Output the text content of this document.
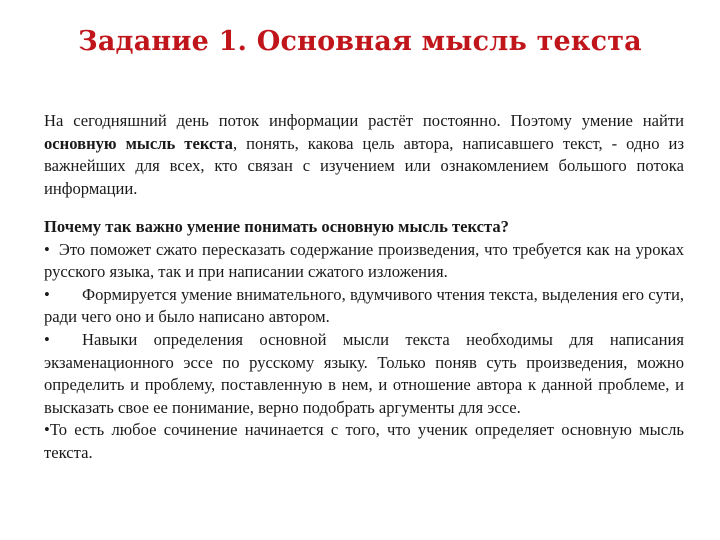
Задание 1. Основная мысль текста

На сегодняшний день поток информации растёт постоянно. Поэтому умение найти основную мысль текста, понять, какова цель автора, написавшего текст, - одно из важнейших для всех, кто связан с изучением или ознакомлением большого потока информации.

Почему так важно умение понимать основную мысль текста?

• Это поможет сжато пересказать содержание произведения, что требуется как на уроках русского языка, так и при написании сжатого изложения.

• Формируется умение внимательного, вдумчивого чтения текста, выделения его сути, ради чего оно и было написано автором.

• Навыки определения основной мысли текста необходимы для написания экзаменационного эссе по русскому языку. Только поняв суть произведения, можно определить и проблему, поставленную в нем, и отношение автора к данной проблеме, и высказать свое ее понимание, верно подобрать аргументы для эссе.

•То есть любое сочинение начинается с того, что ученик определяет основную мысль текста.
